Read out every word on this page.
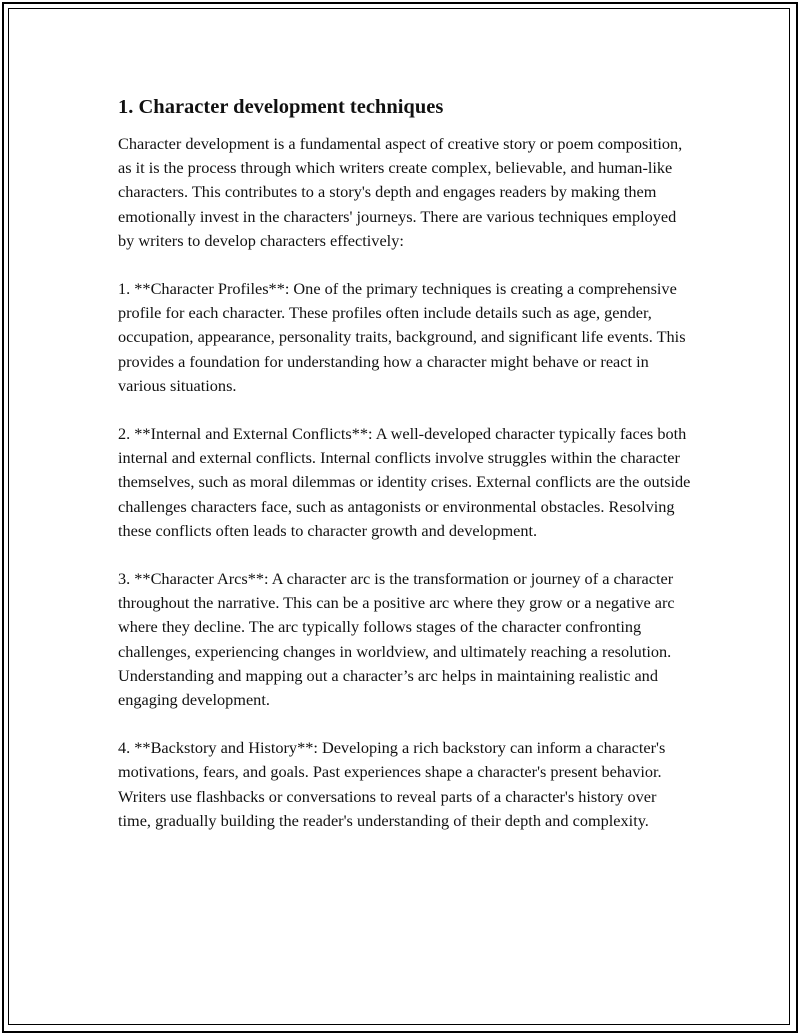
1. Character development techniques

Character development is a fundamental aspect of creative story or poem composition, as it is the process through which writers create complex, believable, and human-like characters. This contributes to a story's depth and engages readers by making them emotionally invest in the characters' journeys. There are various techniques employed by writers to develop characters effectively:

1. **Character Profiles**: One of the primary techniques is creating a comprehensive profile for each character. These profiles often include details such as age, gender, occupation, appearance, personality traits, background, and significant life events. This provides a foundation for understanding how a character might behave or react in various situations.

2. **Internal and External Conflicts**: A well-developed character typically faces both internal and external conflicts. Internal conflicts involve struggles within the character themselves, such as moral dilemmas or identity crises. External conflicts are the outside challenges characters face, such as antagonists or environmental obstacles. Resolving these conflicts often leads to character growth and development.

3. **Character Arcs**: A character arc is the transformation or journey of a character throughout the narrative. This can be a positive arc where they grow or a negative arc where they decline. The arc typically follows stages of the character confronting challenges, experiencing changes in worldview, and ultimately reaching a resolution. Understanding and mapping out a character’s arc helps in maintaining realistic and engaging development.

4. **Backstory and History**: Developing a rich backstory can inform a character's motivations, fears, and goals. Past experiences shape a character's present behavior. Writers use flashbacks or conversations to reveal parts of a character's history over time, gradually building the reader's understanding of their depth and complexity.
